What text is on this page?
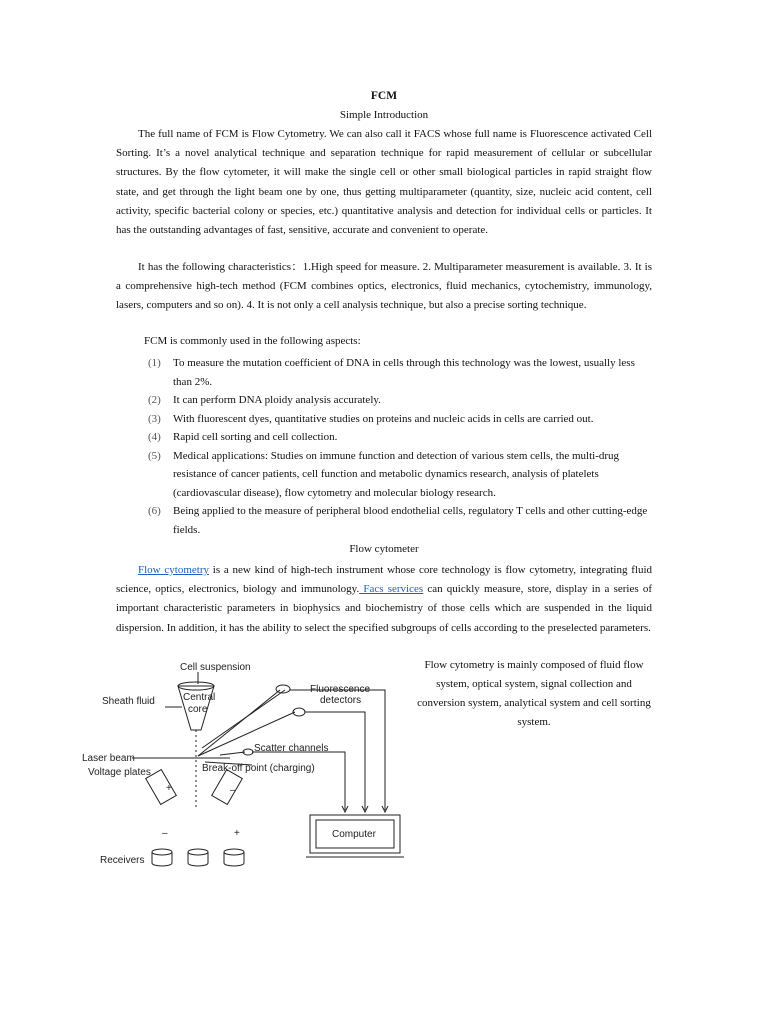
FCM
Simple Introduction

The full name of FCM is Flow Cytometry. We can also call it FACS whose full name is Fluorescence activated Cell Sorting. It’s a novel analytical technique and separation technique for rapid measurement of cellular or subcellular structures. By the flow cytometer, it will make the single cell or other small biological particles in rapid straight flow state, and get through the light beam one by one, thus getting multiparameter (quantity, size, nucleic acid content, cell activity, specific bacterial colony or species, etc.) quantitative analysis and detection for individual cells or particles. It has the outstanding advantages of fast, sensitive, accurate and convenient to operate.

It has the following characteristics：1.High speed for measure. 2. Multiparameter measurement is available. 3. It is a comprehensive high-tech method (FCM combines optics, electronics, fluid mechanics, cytochemistry, immunology, lasers, computers and so on). 4. It is not only a cell analysis technique, but also a precise sorting technique.

FCM is commonly used in the following aspects:
(1) To measure the mutation coefficient of DNA in cells through this technology was the lowest, usually less than 2%.
(2) It can perform DNA ploidy analysis accurately.
(3) With fluorescent dyes, quantitative studies on proteins and nucleic acids in cells are carried out.
(4) Rapid cell sorting and cell collection.
(5) Medical applications: Studies on immune function and detection of various stem cells, the multi-drug resistance of cancer patients, cell function and metabolic dynamics research, analysis of platelets (cardiovascular disease), flow cytometry and molecular biology research.
(6) Being applied to the measure of peripheral blood endothelial cells, regulatory T cells and other cutting-edge fields.
Flow cytometer

Flow cytometry is a new kind of high-tech instrument whose core technology is flow cytometry, integrating fluid science, optics, electronics, biology and immunology. Facs services can quickly measure, store, display in a series of important characteristic parameters in biophysics and biochemistry of those cells which are suspended in the liquid dispersion. In addition, it has the ability to select the specified subgroups of cells according to the preselected parameters.

Flow cytometry is mainly composed of fluid flow system, optical system, signal collection and conversion system, analytical system and cell sorting system.
Cell suspension
Sheath fluid	Central
core
Fluorescence
detectors
Laser beam
Voltage plates
Scatter channels
Break-off point (charging)
Computer
Receivers
+	–
–	+
